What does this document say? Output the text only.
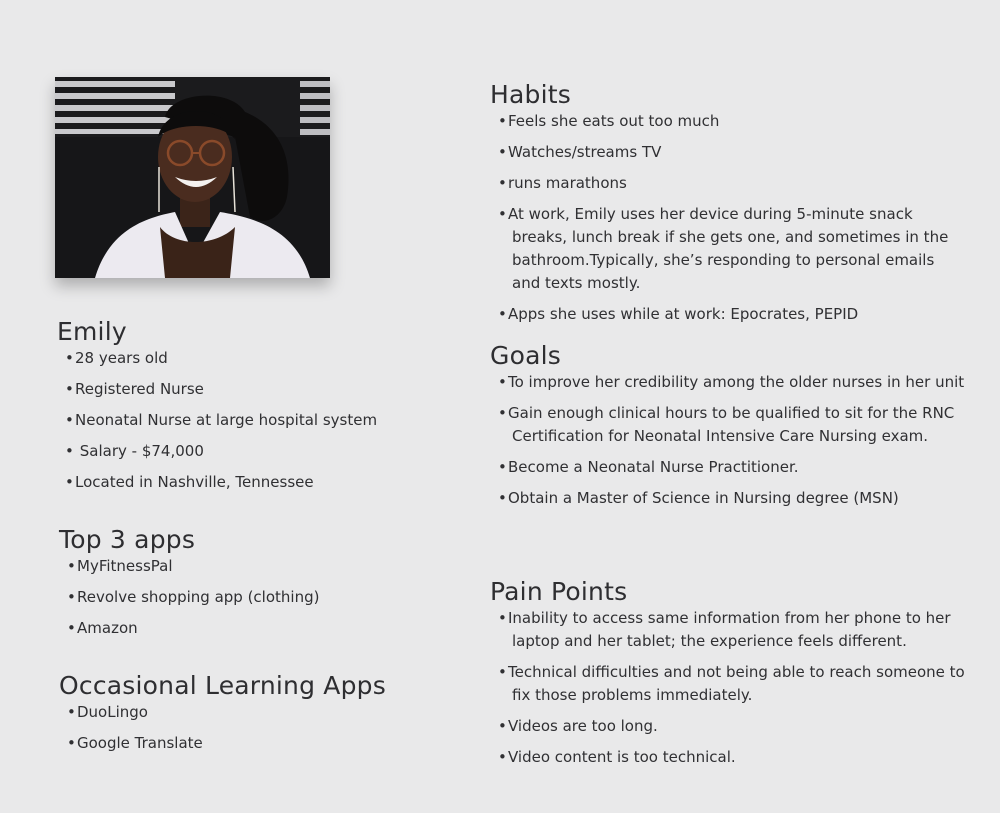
Emily
• 28 years old
• Registered Nurse
• Neonatal Nurse at large hospital system
•  Salary - $74,000
• Located in Nashville, Tennessee
Top 3 apps
• MyFitnessPal
• Revolve shopping app (clothing)
• Amazon
Occasional Learning Apps
• DuoLingo
• Google Translate
Habits
• Feels she eats out too much
• Watches/streams TV
• runs marathons
• At work, Emily uses her device during 5-minute snack breaks, lunch break if she gets one, and sometimes in the bathroom.Typically, she’s responding to personal emails and texts mostly.
• Apps she uses while at work: Epocrates, PEPID
Goals
• To improve her credibility among the older nurses in her unit
• Gain enough clinical hours to be qualified to sit for the RNC Certification for Neonatal Intensive Care Nursing exam.
• Become a Neonatal Nurse Practitioner.
• Obtain a Master of Science in Nursing degree (MSN)
Pain Points
• Inability to access same information from her phone to her laptop and her tablet; the experience feels different.
• Technical difficulties and not being able to reach someone to fix those problems immediately.
• Videos are too long.
• Video content is too technical.
